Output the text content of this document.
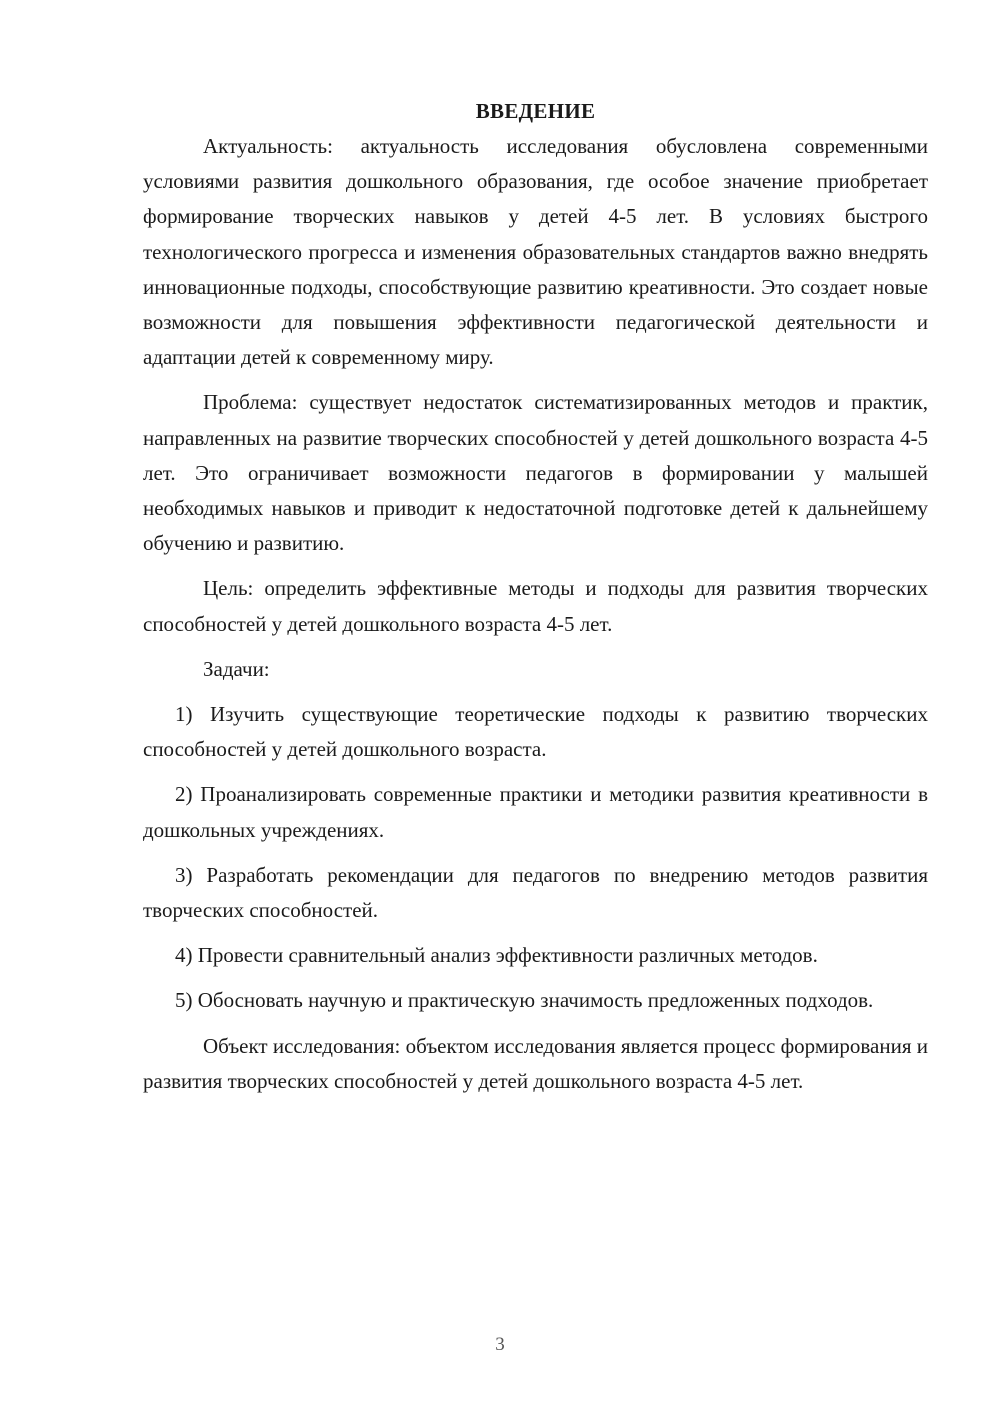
ВВЕДЕНИЕ

Актуальность: актуальность исследования обусловлена современными условиями развития дошкольного образования, где особое значение приобретает формирование творческих навыков у детей 4-5 лет. В условиях быстрого технологического прогресса и изменения образовательных стандартов важно внедрять инновационные подходы, способствующие развитию креативности. Это создает новые возможности для повышения эффективности педагогической деятельности и адаптации детей к современному миру.

Проблема: существует недостаток систематизированных методов и практик, направленных на развитие творческих способностей у детей дошкольного возраста 4-5 лет. Это ограничивает возможности педагогов в формировании у малышей необходимых навыков и приводит к недостаточной подготовке детей к дальнейшему обучению и развитию.

Цель: определить эффективные методы и подходы для развития творческих способностей у детей дошкольного возраста 4-5 лет.

Задачи:

1) Изучить существующие теоретические подходы к развитию творческих способностей у детей дошкольного возраста.

2) Проанализировать современные практики и методики развития креативности в дошкольных учреждениях.

3) Разработать рекомендации для педагогов по внедрению методов развития творческих способностей.

4) Провести сравнительный анализ эффективности различных методов.

5) Обосновать научную и практическую значимость предложенных подходов.

Объект исследования: объектом исследования является процесс формирования и развития творческих способностей у детей дошкольного возраста 4-5 лет.

3
